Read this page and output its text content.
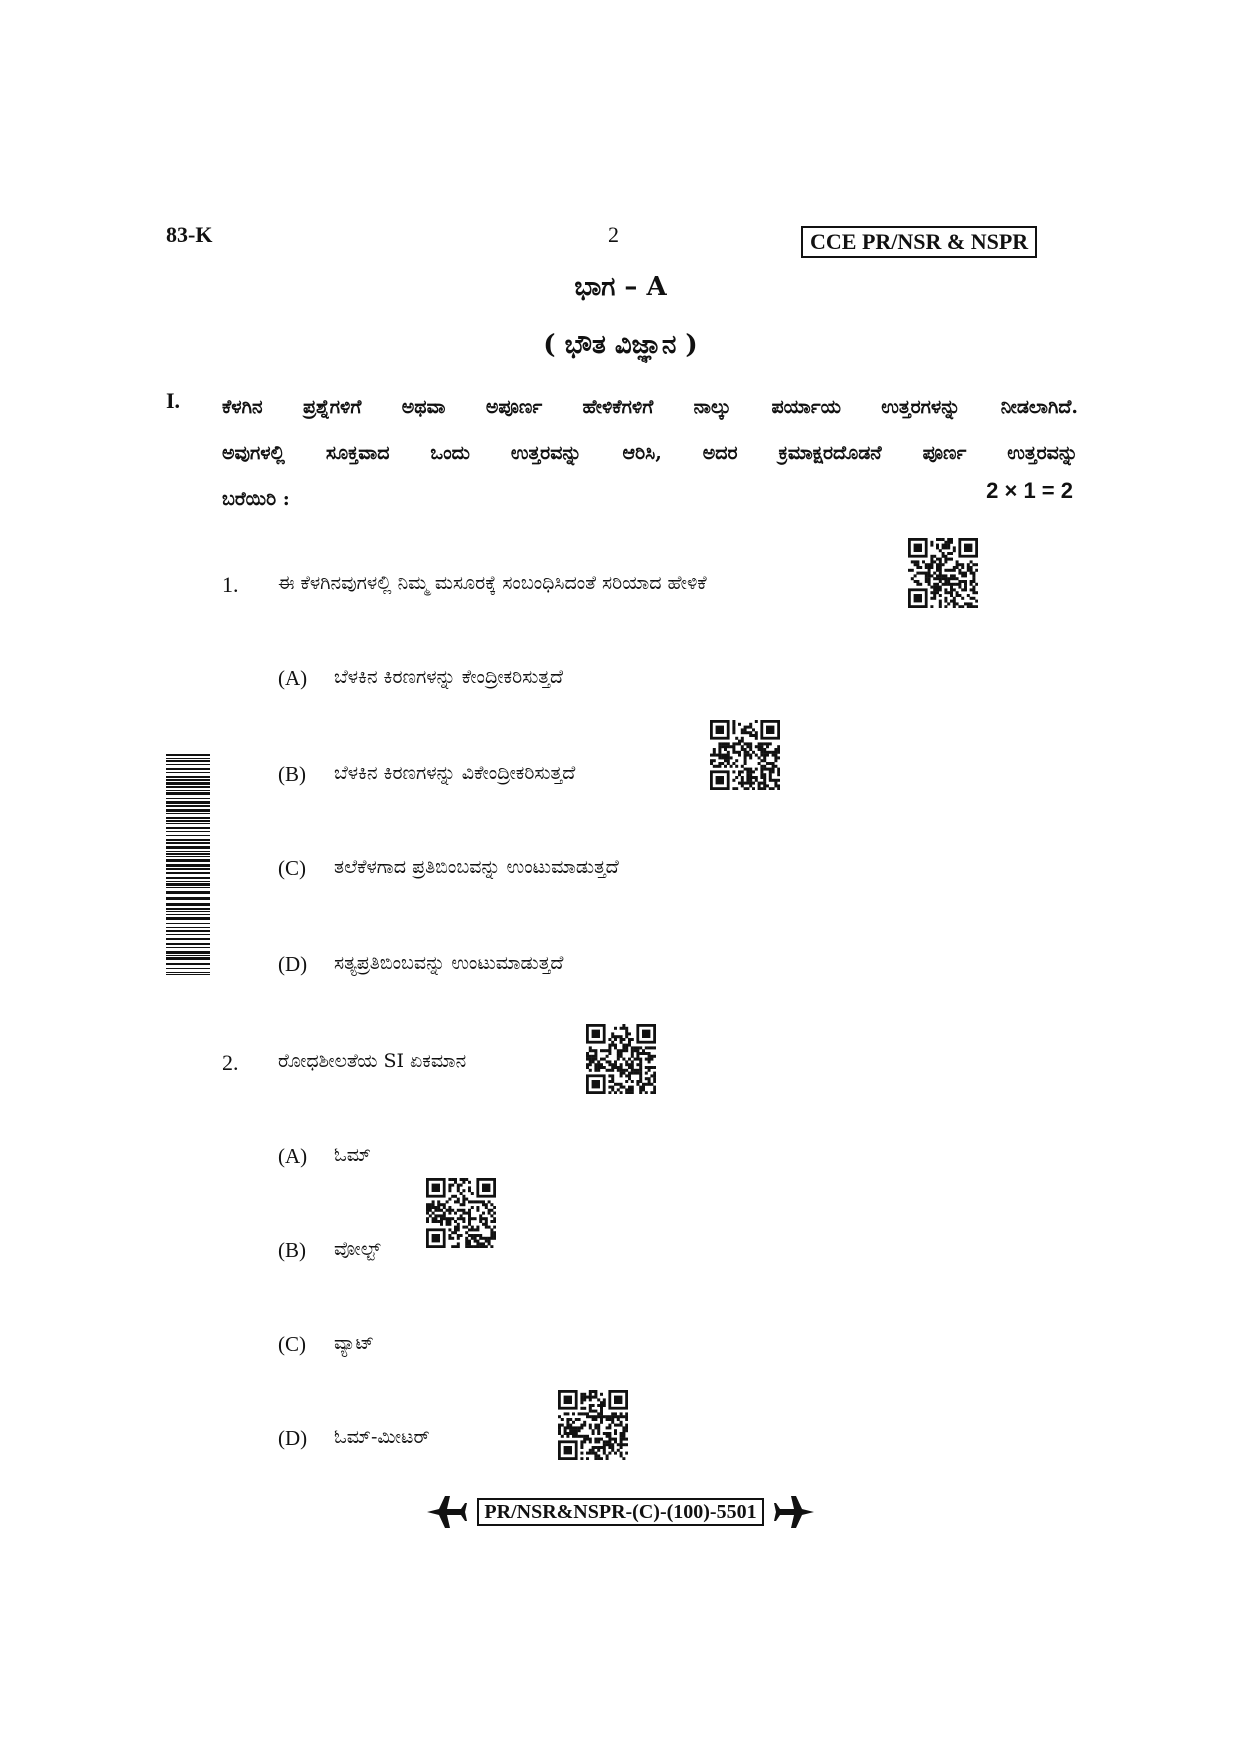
83-K	2	CCE PR/NSR & NSPR
ಭಾಗ – A
( ಭೌತ ವಿಜ್ಞಾನ )
I. ಕೆಳಗಿನ ಪ್ರಶ್ನೆಗಳಿಗೆ ಅಥವಾ ಅಪೂರ್ಣ ಹೇಳಿಕೆಗಳಿಗೆ ನಾಲ್ಕು ಪರ್ಯಾಯ ಉತ್ತರಗಳನ್ನು ನೀಡಲಾಗಿದೆ.
ಅವುಗಳಲ್ಲಿ ಸೂಕ್ತವಾದ ಒಂದು ಉತ್ತರವನ್ನು ಆರಿಸಿ, ಅದರ ಕ್ರಮಾಕ್ಷರದೊಡನೆ ಪೂರ್ಣ ಉತ್ತರವನ್ನು
ಬರೆಯಿರಿ :	2 × 1 = 2
1. ಈ ಕೆಳಗಿನವುಗಳಲ್ಲಿ ನಿಮ್ಮ ಮಸೂರಕ್ಕೆ ಸಂಬಂಧಿಸಿದಂತೆ ಸರಿಯಾದ ಹೇಳಿಕೆ
(A) ಬೆಳಕಿನ ಕಿರಣಗಳನ್ನು ಕೇಂದ್ರೀಕರಿಸುತ್ತದೆ
(B) ಬೆಳಕಿನ ಕಿರಣಗಳನ್ನು ವಿಕೇಂದ್ರೀಕರಿಸುತ್ತದೆ
(C) ತಲೆಕೆಳಗಾದ ಪ್ರತಿಬಿಂಬವನ್ನು ಉಂಟುಮಾಡುತ್ತದೆ
(D) ಸತ್ಯಪ್ರತಿಬಿಂಬವನ್ನು ಉಂಟುಮಾಡುತ್ತದೆ
2. ರೋಧಶೀಲತೆಯ SI ಏಕಮಾನ
(A) ಓಮ್
(B) ವೋಲ್ಟ್
(C) ವ್ಯಾಟ್
(D) ಓಮ್-ಮೀಟರ್
PR/NSR&NSPR-(C)-(100)-5501
